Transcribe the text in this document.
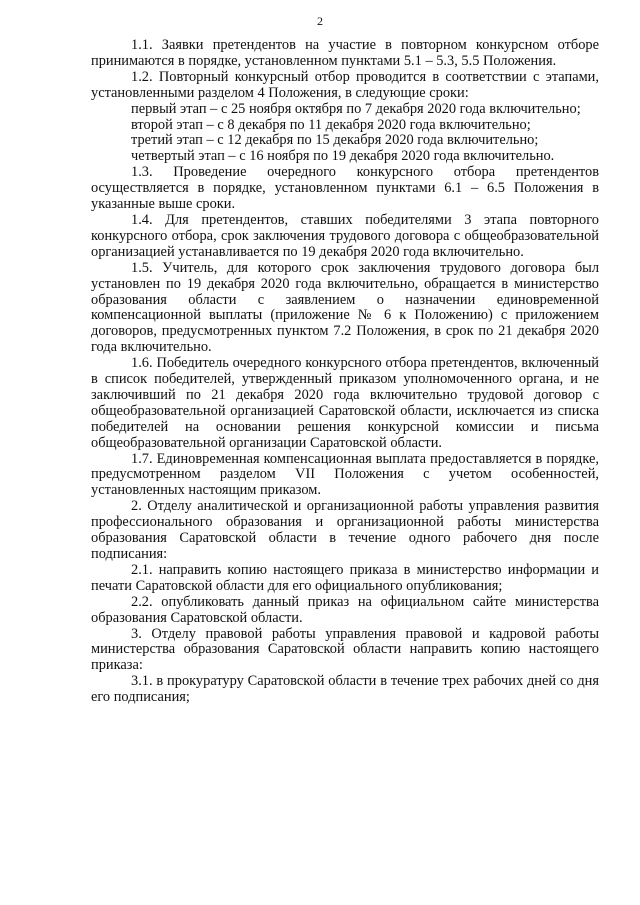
2

1.1. Заявки претендентов на участие в повторном конкурсном отборе принимаются в порядке, установленном пунктами 5.1 – 5.3, 5.5 Положения.

1.2. Повторный конкурсный отбор проводится в соответствии с этапами, установленными разделом 4 Положения, в следующие сроки:

первый этап – с 25 ноября октября по 7 декабря 2020 года включительно;

второй этап – с 8 декабря по 11 декабря 2020 года включительно;

третий этап – с 12 декабря по 15 декабря 2020 года включительно;

четвертый этап – с 16 ноября по 19 декабря 2020 года включительно.

1.3. Проведение очередного конкурсного отбора претендентов осуществляется в порядке, установленном пунктами 6.1 – 6.5 Положения в указанные выше сроки.

1.4. Для претендентов, ставших победителями 3 этапа повторного конкурсного отбора, срок заключения трудового договора с общеобразовательной организацией устанавливается по 19 декабря 2020 года включительно.

1.5. Учитель, для которого срок заключения трудового договора был установлен по 19 декабря 2020 года включительно, обращается в министерство образования области с заявлением о назначении единовременной компенсационной выплаты (приложение № 6 к Положению) с приложением договоров, предусмотренных пунктом 7.2 Положения, в срок по 21 декабря 2020 года включительно.

1.6. Победитель очередного конкурсного отбора претендентов, включенный в список победителей, утвержденный приказом уполномоченного органа, и не заключивший по 21 декабря 2020 года включительно трудовой договор с общеобразовательной организацией Саратовской области, исключается из списка победителей на основании решения конкурсной комиссии и письма общеобразовательной организации Саратовской области.

1.7. Единовременная компенсационная выплата предоставляется в порядке, предусмотренном разделом VII Положения с учетом особенностей, установленных настоящим приказом.

2. Отделу аналитической и организационной работы управления развития профессионального образования и организационной работы министерства образования Саратовской области в течение одного рабочего дня после подписания:

2.1. направить копию настоящего приказа в министерство информации и печати Саратовской области для его официального опубликования;

2.2. опубликовать данный приказ на официальном сайте министерства образования Саратовской области.

3. Отделу правовой работы управления правовой и кадровой работы министерства образования Саратовской области направить копию настоящего приказа:

3.1. в прокуратуру Саратовской области в течение трех рабочих дней со дня его подписания;
